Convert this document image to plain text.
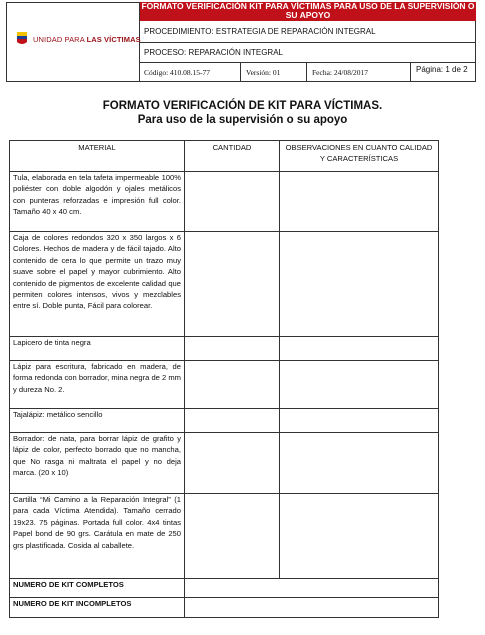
UNIDAD PARA LAS VÍCTIMAS
FORMATO VERIFICACIÓN KIT PARA VÍCTIMAS PARA USO DE LA SUPERVISIÓN O SU APOYO
PROCEDIMIENTO: ESTRATEGIA DE REPARACIÓN INTEGRAL
PROCESO: REPARACIÓN INTEGRAL
Código: 410.08.15-77	Versión: 01	Fecha: 24/08/2017	Página: 1 de 2
FORMATO VERIFICACIÓN DE KIT PARA VÍCTIMAS.
Para uso de la supervisión o su apoyo
MATERIAL	CANTIDAD	OBSERVACIONES EN CUANTO CALIDAD Y CARACTERÍSTICAS
Tula, elaborada en tela tafeta impermeable 100% poliéster con doble algodón y ojales metálicos con punteras reforzadas e impresión full color. Tamaño 40 x 40 cm.		
Caja de colores redondos 320 x 350 largos x 6 Colores. Hechos de madera y de fácil tajado. Alto contenido de cera lo que permite un trazo muy suave sobre el papel y mayor cubrimiento. Alto contenido de pigmentos de excelente calidad que permiten colores intensos, vivos y mezclables entre sí. Doble punta, Fácil para colorear.		
Lapicero de tinta negra		
Lápiz para escritura, fabricado en madera, de forma redonda con borrador, mina negra de 2 mm y dureza No. 2.		
Tajalápiz: metálico sencillo		
Borrador: de nata, para borrar lápiz de grafito y lápiz de color, perfecto borrado que no mancha, que No rasga ni maltrata el papel y no deja marca. (20 x 10)		
Cartilla “Mi Camino a la Reparación Integral” (1 para cada Víctima Atendida). Tamaño cerrado 19x23. 75 páginas. Portada full color. 4x4 tintas Papel bond de 90 grs. Carátula en mate de 250 grs plastificada. Cosida al caballete.		
NUMERO DE KIT COMPLETOS		
NUMERO DE KIT INCOMPLETOS		
